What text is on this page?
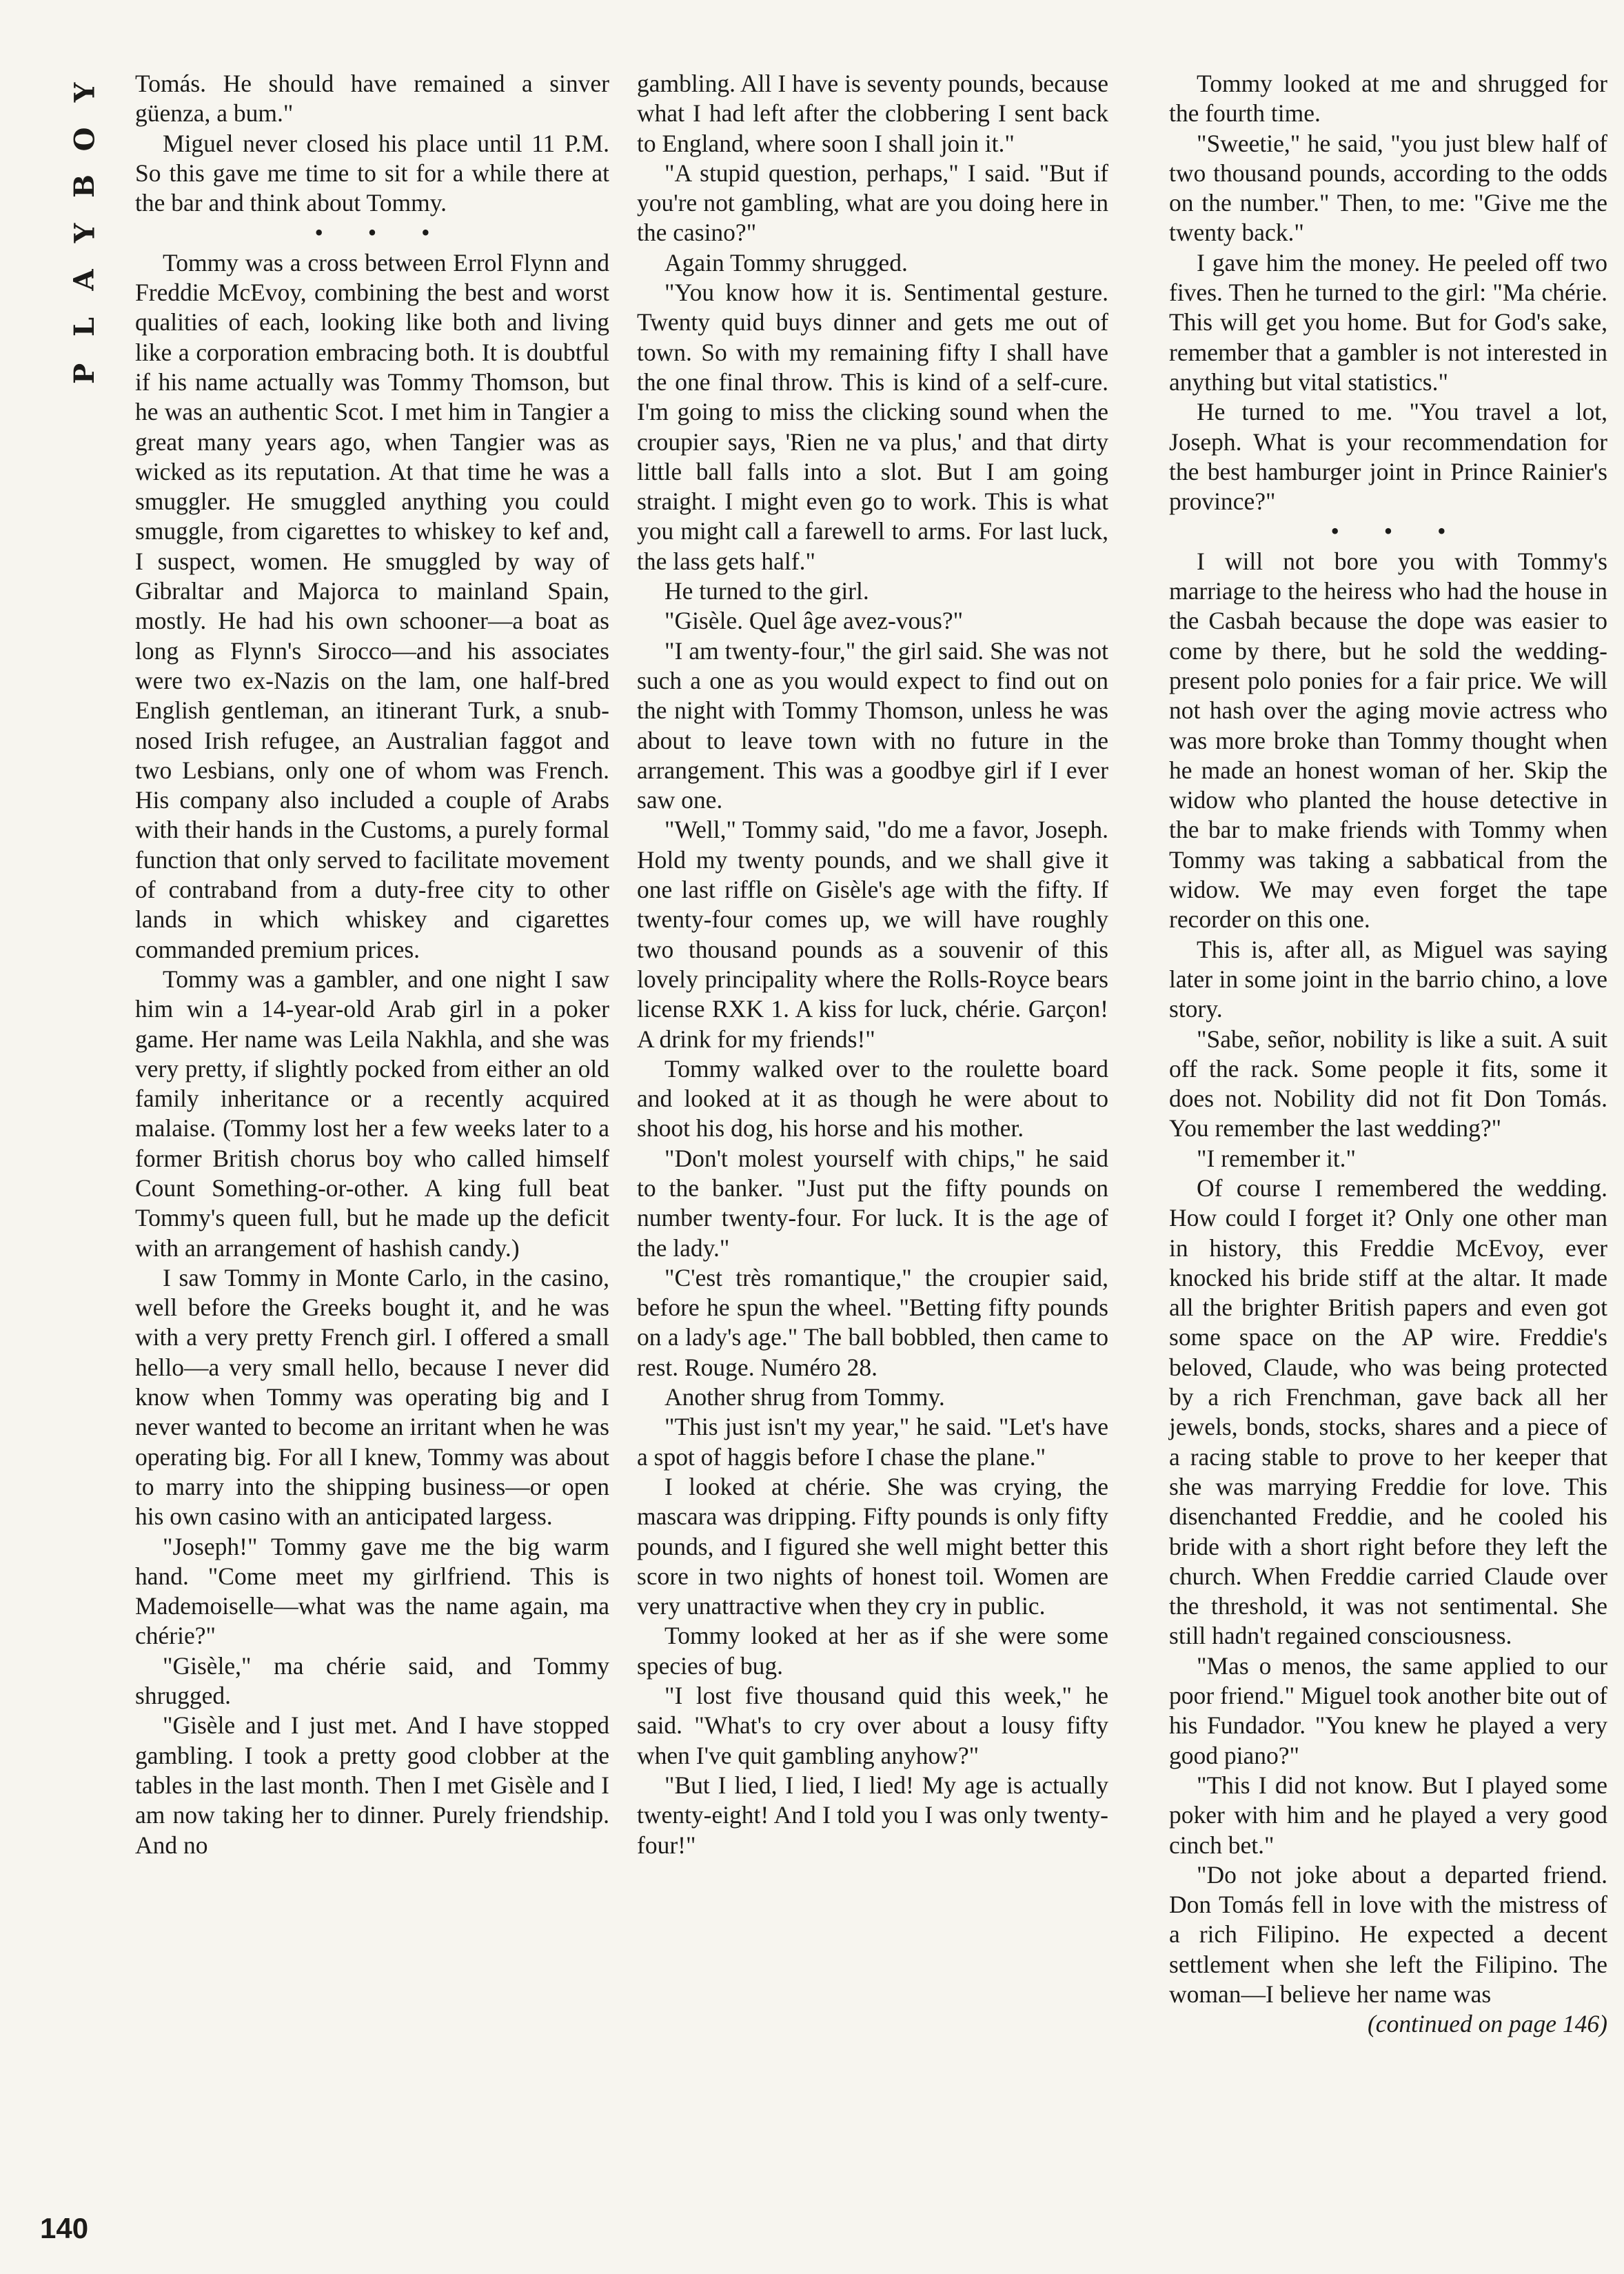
Y
O
B
Y
A
L
P
140

Tomás. He should have remained a sinver güenza, a bum."

Miguel never closed his place until 11 P.M. So this gave me time to sit for a while there at the bar and think about Tommy.

• • •

Tommy was a cross between Errol Flynn and Freddie McEvoy, combining the best and worst qualities of each, looking like both and living like a corporation embracing both. It is doubtful if his name actually was Tommy Thomson, but he was an authentic Scot. I met him in Tangier a great many years ago, when Tangier was as wicked as its reputation. At that time he was a smuggler. He smuggled anything you could smuggle, from cigarettes to whiskey to kef and, I suspect, women. He smuggled by way of Gibraltar and Majorca to mainland Spain, mostly. He had his own schooner—a boat as long as Flynn's Sirocco—and his associates were two ex-Nazis on the lam, one half-bred English gentleman, an itinerant Turk, a snub-nosed Irish refugee, an Australian faggot and two Lesbians, only one of whom was French. His company also included a couple of Arabs with their hands in the Customs, a purely formal function that only served to facilitate movement of contraband from a duty-free city to other lands in which whiskey and cigarettes commanded premium prices.

Tommy was a gambler, and one night I saw him win a 14-year-old Arab girl in a poker game. Her name was Leila Nakhla, and she was very pretty, if slightly pocked from either an old family inheritance or a recently acquired malaise. (Tommy lost her a few weeks later to a former British chorus boy who called himself Count Something-or-other. A king full beat Tommy's queen full, but he made up the deficit with an arrangement of hashish candy.)

I saw Tommy in Monte Carlo, in the casino, well before the Greeks bought it, and he was with a very pretty French girl. I offered a small hello—a very small hello, because I never did know when Tommy was operating big and I never wanted to become an irritant when he was operating big. For all I knew, Tommy was about to marry into the shipping business—or open his own casino with an anticipated largess.

"Joseph!" Tommy gave me the big warm hand. "Come meet my girlfriend. This is Mademoiselle—what was the name again, ma chérie?"

"Gisèle," ma chérie said, and Tommy shrugged.

"Gisèle and I just met. And I have stopped gambling. I took a pretty good clobber at the tables in the last month. Then I met Gisèle and I am now taking her to dinner. Purely friendship. And no

gambling. All I have is seventy pounds, because what I had left after the clobbering I sent back to England, where soon I shall join it."

"A stupid question, perhaps," I said. "But if you're not gambling, what are you doing here in the casino?"

Again Tommy shrugged.

"You know how it is. Sentimental gesture. Twenty quid buys dinner and gets me out of town. So with my remaining fifty I shall have the one final throw. This is kind of a self-cure. I'm going to miss the clicking sound when the croupier says, 'Rien ne va plus,' and that dirty little ball falls into a slot. But I am going straight. I might even go to work. This is what you might call a farewell to arms. For last luck, the lass gets half."

He turned to the girl.

"Gisèle. Quel âge avez-vous?"

"I am twenty-four," the girl said. She was not such a one as you would expect to find out on the night with Tommy Thomson, unless he was about to leave town with no future in the arrangement. This was a goodbye girl if I ever saw one.

"Well," Tommy said, "do me a favor, Joseph. Hold my twenty pounds, and we shall give it one last riffle on Gisèle's age with the fifty. If twenty-four comes up, we will have roughly two thousand pounds as a souvenir of this lovely principality where the Rolls-Royce bears license RXK 1. A kiss for luck, chérie. Garçon! A drink for my friends!"

Tommy walked over to the roulette board and looked at it as though he were about to shoot his dog, his horse and his mother.

"Don't molest yourself with chips," he said to the banker. "Just put the fifty pounds on number twenty-four. For luck. It is the age of the lady."

"C'est très romantique," the croupier said, before he spun the wheel. "Betting fifty pounds on a lady's age." The ball bobbled, then came to rest. Rouge. Numéro 28.

Another shrug from Tommy.

"This just isn't my year," he said. "Let's have a spot of haggis before I chase the plane."

I looked at chérie. She was crying, the mascara was dripping. Fifty pounds is only fifty pounds, and I figured she well might better this score in two nights of honest toil. Women are very unattractive when they cry in public.

Tommy looked at her as if she were some species of bug.

"I lost five thousand quid this week," he said. "What's to cry over about a lousy fifty when I've quit gambling anyhow?"

"But I lied, I lied, I lied! My age is actually twenty-eight! And I told you I was only twenty-four!"

Tommy looked at me and shrugged for the fourth time.

"Sweetie," he said, "you just blew half of two thousand pounds, according to the odds on the number." Then, to me: "Give me the twenty back."

I gave him the money. He peeled off two fives. Then he turned to the girl: "Ma chérie. This will get you home. But for God's sake, remember that a gambler is not interested in anything but vital statistics."

He turned to me. "You travel a lot, Joseph. What is your recommendation for the best hamburger joint in Prince Rainier's province?"

• • •

I will not bore you with Tommy's marriage to the heiress who had the house in the Casbah because the dope was easier to come by there, but he sold the wedding-present polo ponies for a fair price. We will not hash over the aging movie actress who was more broke than Tommy thought when he made an honest woman of her. Skip the widow who planted the house detective in the bar to make friends with Tommy when Tommy was taking a sabbatical from the widow. We may even forget the tape recorder on this one.

This is, after all, as Miguel was saying later in some joint in the barrio chino, a love story.

"Sabe, señor, nobility is like a suit. A suit off the rack. Some people it fits, some it does not. Nobility did not fit Don Tomás. You remember the last wedding?"

"I remember it."

Of course I remembered the wedding. How could I forget it? Only one other man in history, this Freddie McEvoy, ever knocked his bride stiff at the altar. It made all the brighter British papers and even got some space on the AP wire. Freddie's beloved, Claude, who was being protected by a rich Frenchman, gave back all her jewels, bonds, stocks, shares and a piece of a racing stable to prove to her keeper that she was marrying Freddie for love. This disenchanted Freddie, and he cooled his bride with a short right before they left the church. When Freddie carried Claude over the threshold, it was not sentimental. She still hadn't regained consciousness.

"Mas o menos, the same applied to our poor friend." Miguel took another bite out of his Fundador. "You knew he played a very good piano?"

"This I did not know. But I played some poker with him and he played a very good cinch bet."

"Do not joke about a departed friend. Don Tomás fell in love with the mistress of a rich Filipino. He expected a decent settlement when she left the Filipino. The woman—I believe her name was

(continued on page 146)
